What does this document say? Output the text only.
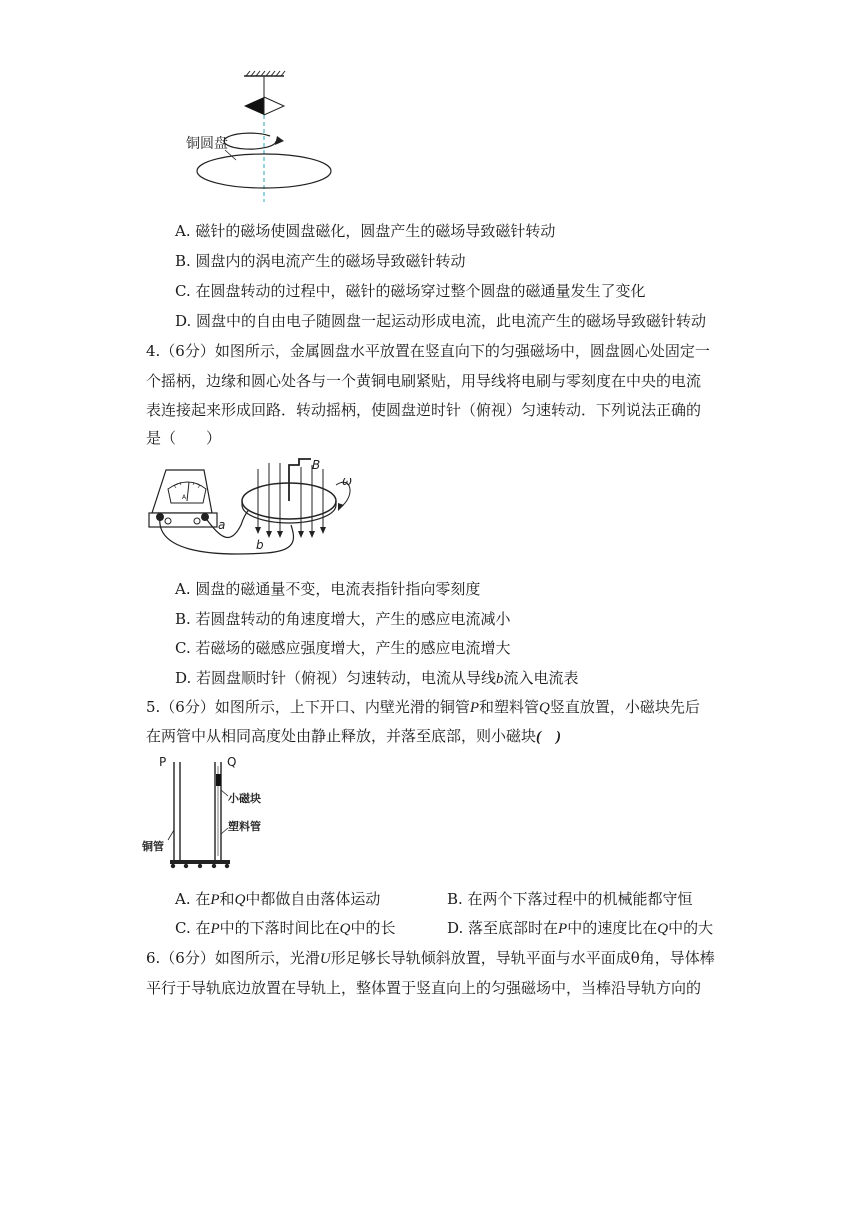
铜圆盘
A. 磁针的磁场使圆盘磁化，圆盘产生的磁场导致磁针转动
B. 圆盘内的涡电流产生的磁场导致磁针转动
C. 在圆盘转动的过程中，磁针的磁场穿过整个圆盘的磁通量发生了变化
D. 圆盘中的自由电子随圆盘一起运动形成电流，此电流产生的磁场导致磁针转动
4.（6分）如图所示，金属圆盘水平放置在竖直向下的匀强磁场中，圆盘圆心处固定一
个摇柄，边缘和圆心处各与一个黄铜电刷紧贴，用导线将电刷与零刻度在中央的电流
表连接起来形成回路．转动摇柄，使圆盘逆时针（俯视）匀速转动．下列说法正确的
是（　　）
A
B
ω
a
b
A. 圆盘的磁通量不变，电流表指针指向零刻度
B. 若圆盘转动的角速度增大，产生的感应电流减小
C. 若磁场的磁感应强度增大，产生的感应电流增大
D. 若圆盘顺时针（俯视）匀速转动，电流从导线b流入电流表
5.（6分）如图所示，上下开口、内壁光滑的铜管P和塑料管Q竖直放置，小磁块先后
在两管中从相同高度处由静止释放，并落至底部，则小磁块(　)
P	Q
小磁块
塑料管
铜管
A. 在P和Q中都做自由落体运动	B. 在两个下落过程中的机械能都守恒
C. 在P中的下落时间比在Q中的长	D. 落至底部时在P中的速度比在Q中的大
6.（6分）如图所示，光滑U形足够长导轨倾斜放置，导轨平面与水平面成θ角，导体棒
平行于导轨底边放置在导轨上，整体置于竖直向上的匀强磁场中，当棒沿导轨方向的
